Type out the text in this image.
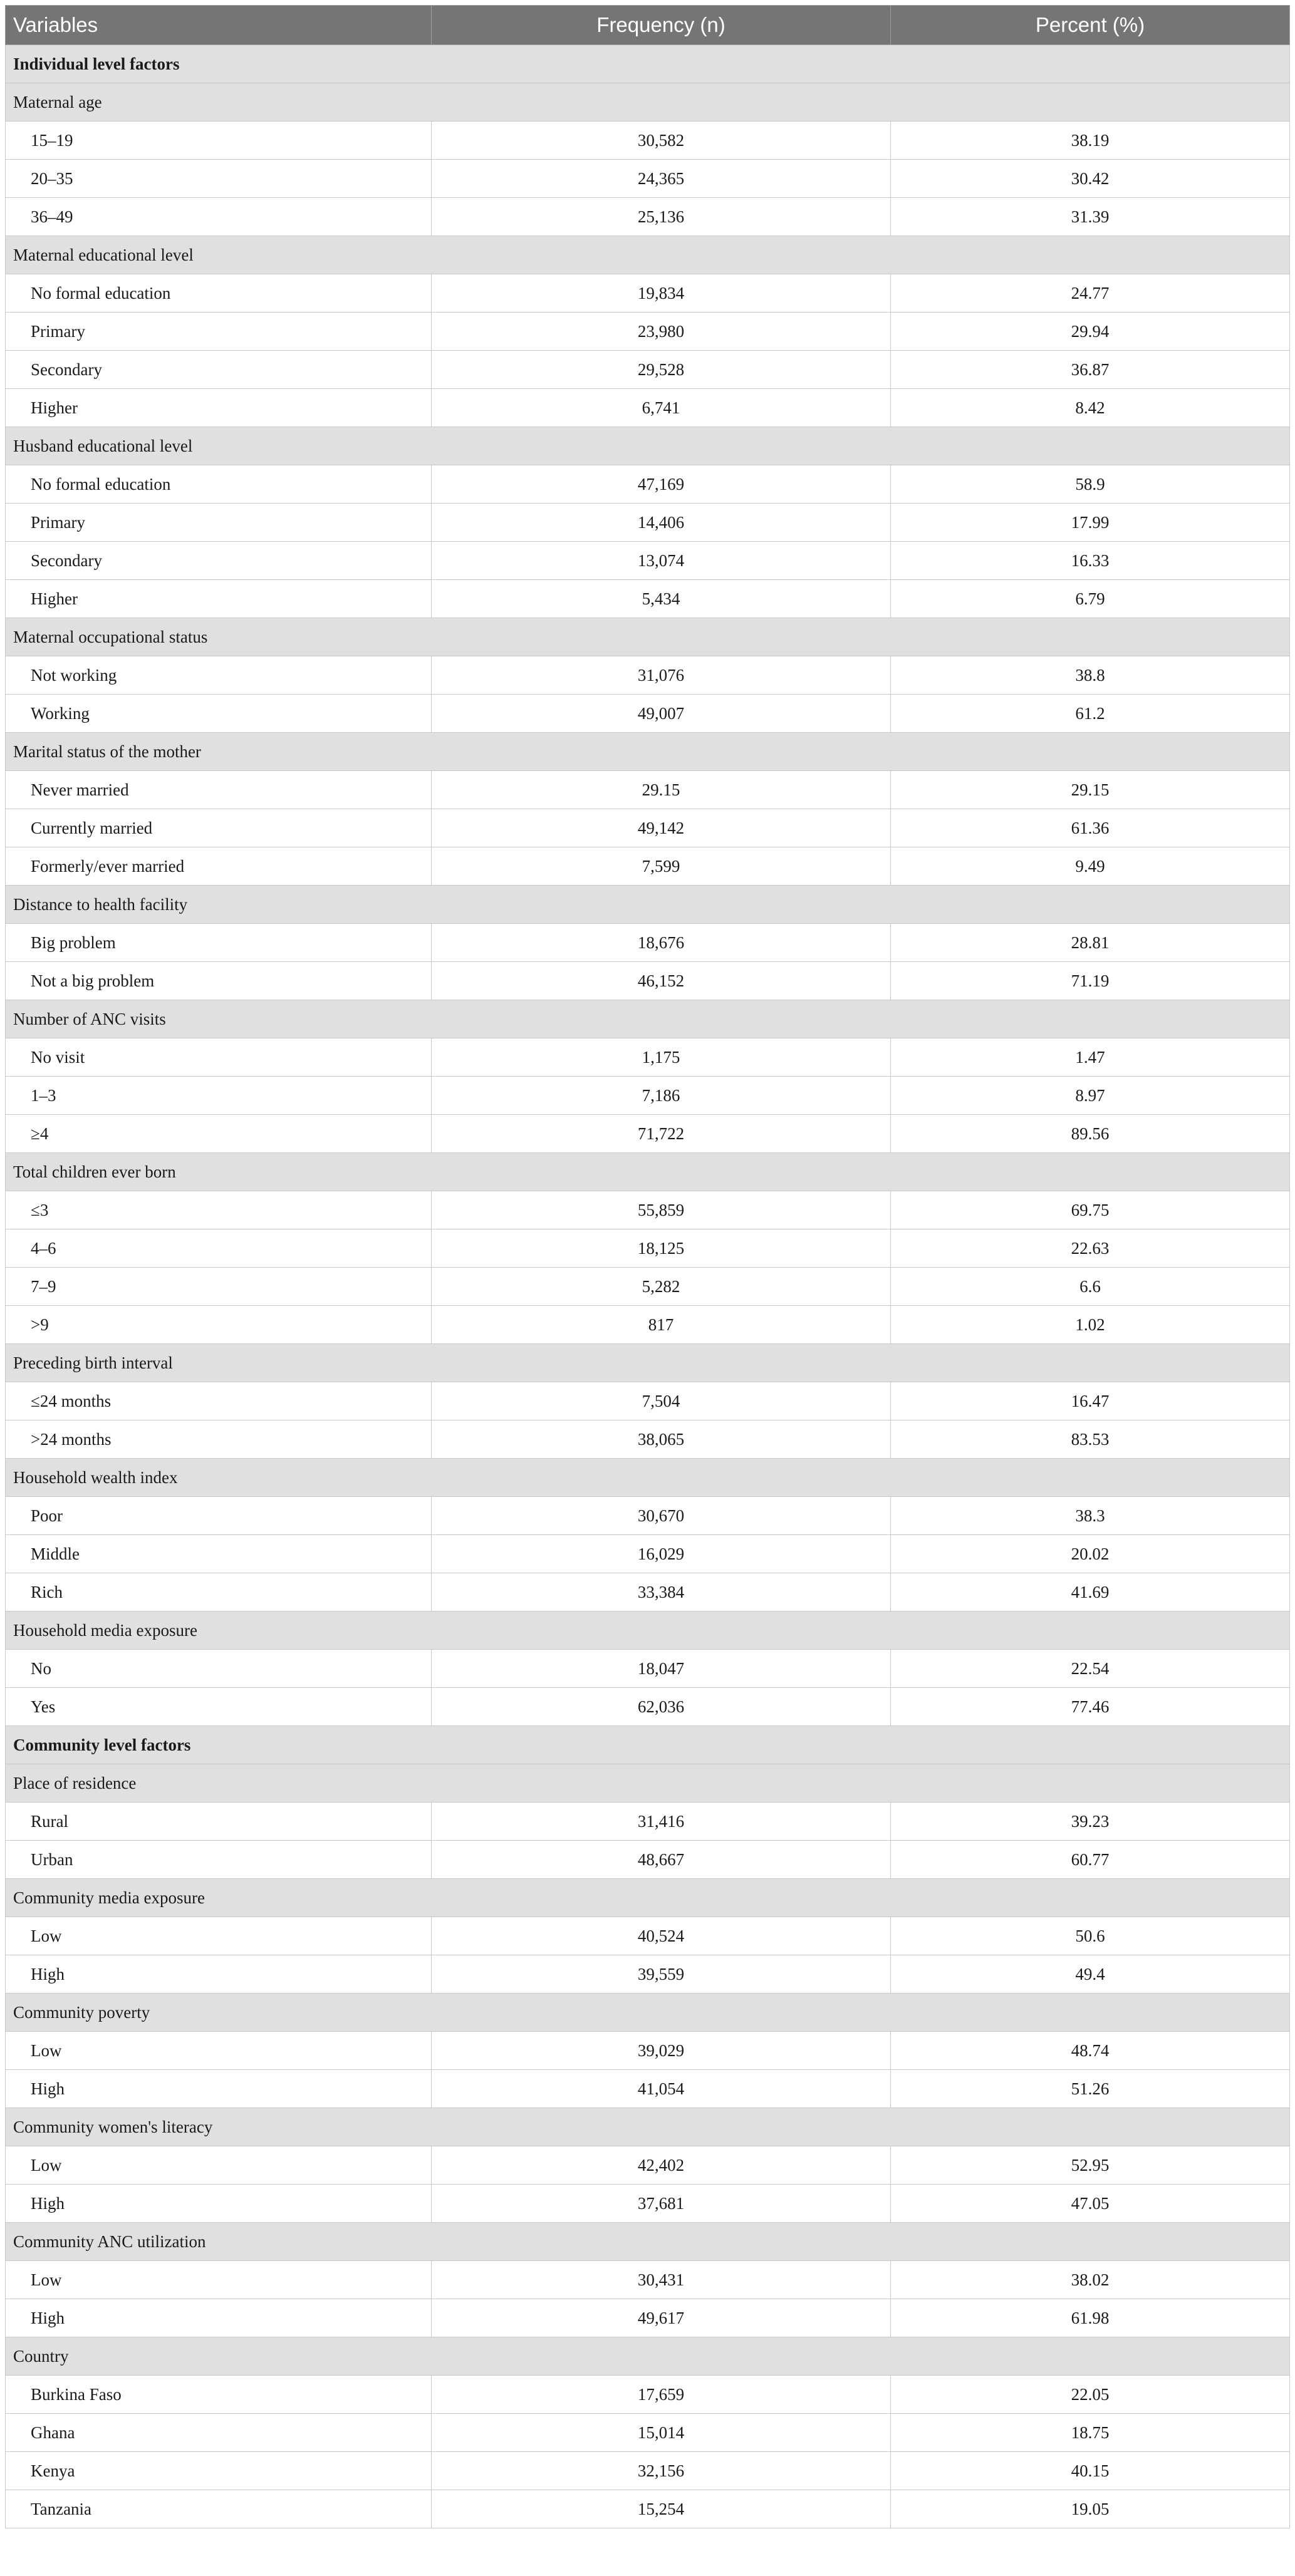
Variables	Frequency (n)	Percent (%)
Individual level factors		
Maternal age		
15–19	30,582	38.19
20–35	24,365	30.42
36–49	25,136	31.39
Maternal educational level		
No formal education	19,834	24.77
Primary	23,980	29.94
Secondary	29,528	36.87
Higher	6,741	8.42
Husband educational level		
No formal education	47,169	58.9
Primary	14,406	17.99
Secondary	13,074	16.33
Higher	5,434	6.79
Maternal occupational status		
Not working	31,076	38.8
Working	49,007	61.2
Marital status of the mother		
Never married	29.15	29.15
Currently married	49,142	61.36
Formerly/ever married	7,599	9.49
Distance to health facility		
Big problem	18,676	28.81
Not a big problem	46,152	71.19
Number of ANC visits		
No visit	1,175	1.47
1–3	7,186	8.97
≥4	71,722	89.56
Total children ever born		
≤3	55,859	69.75
4–6	18,125	22.63
7–9	5,282	6.6
>9	817	1.02
Preceding birth interval		
≤24 months	7,504	16.47
>24 months	38,065	83.53
Household wealth index		
Poor	30,670	38.3
Middle	16,029	20.02
Rich	33,384	41.69
Household media exposure		
No	18,047	22.54
Yes	62,036	77.46
Community level factors		
Place of residence		
Rural	31,416	39.23
Urban	48,667	60.77
Community media exposure		
Low	40,524	50.6
High	39,559	49.4
Community poverty		
Low	39,029	48.74
High	41,054	51.26
Community women's literacy		
Low	42,402	52.95
High	37,681	47.05
Community ANC utilization		
Low	30,431	38.02
High	49,617	61.98
Country		
Burkina Faso	17,659	22.05
Ghana	15,014	18.75
Kenya	32,156	40.15
Tanzania	15,254	19.05
